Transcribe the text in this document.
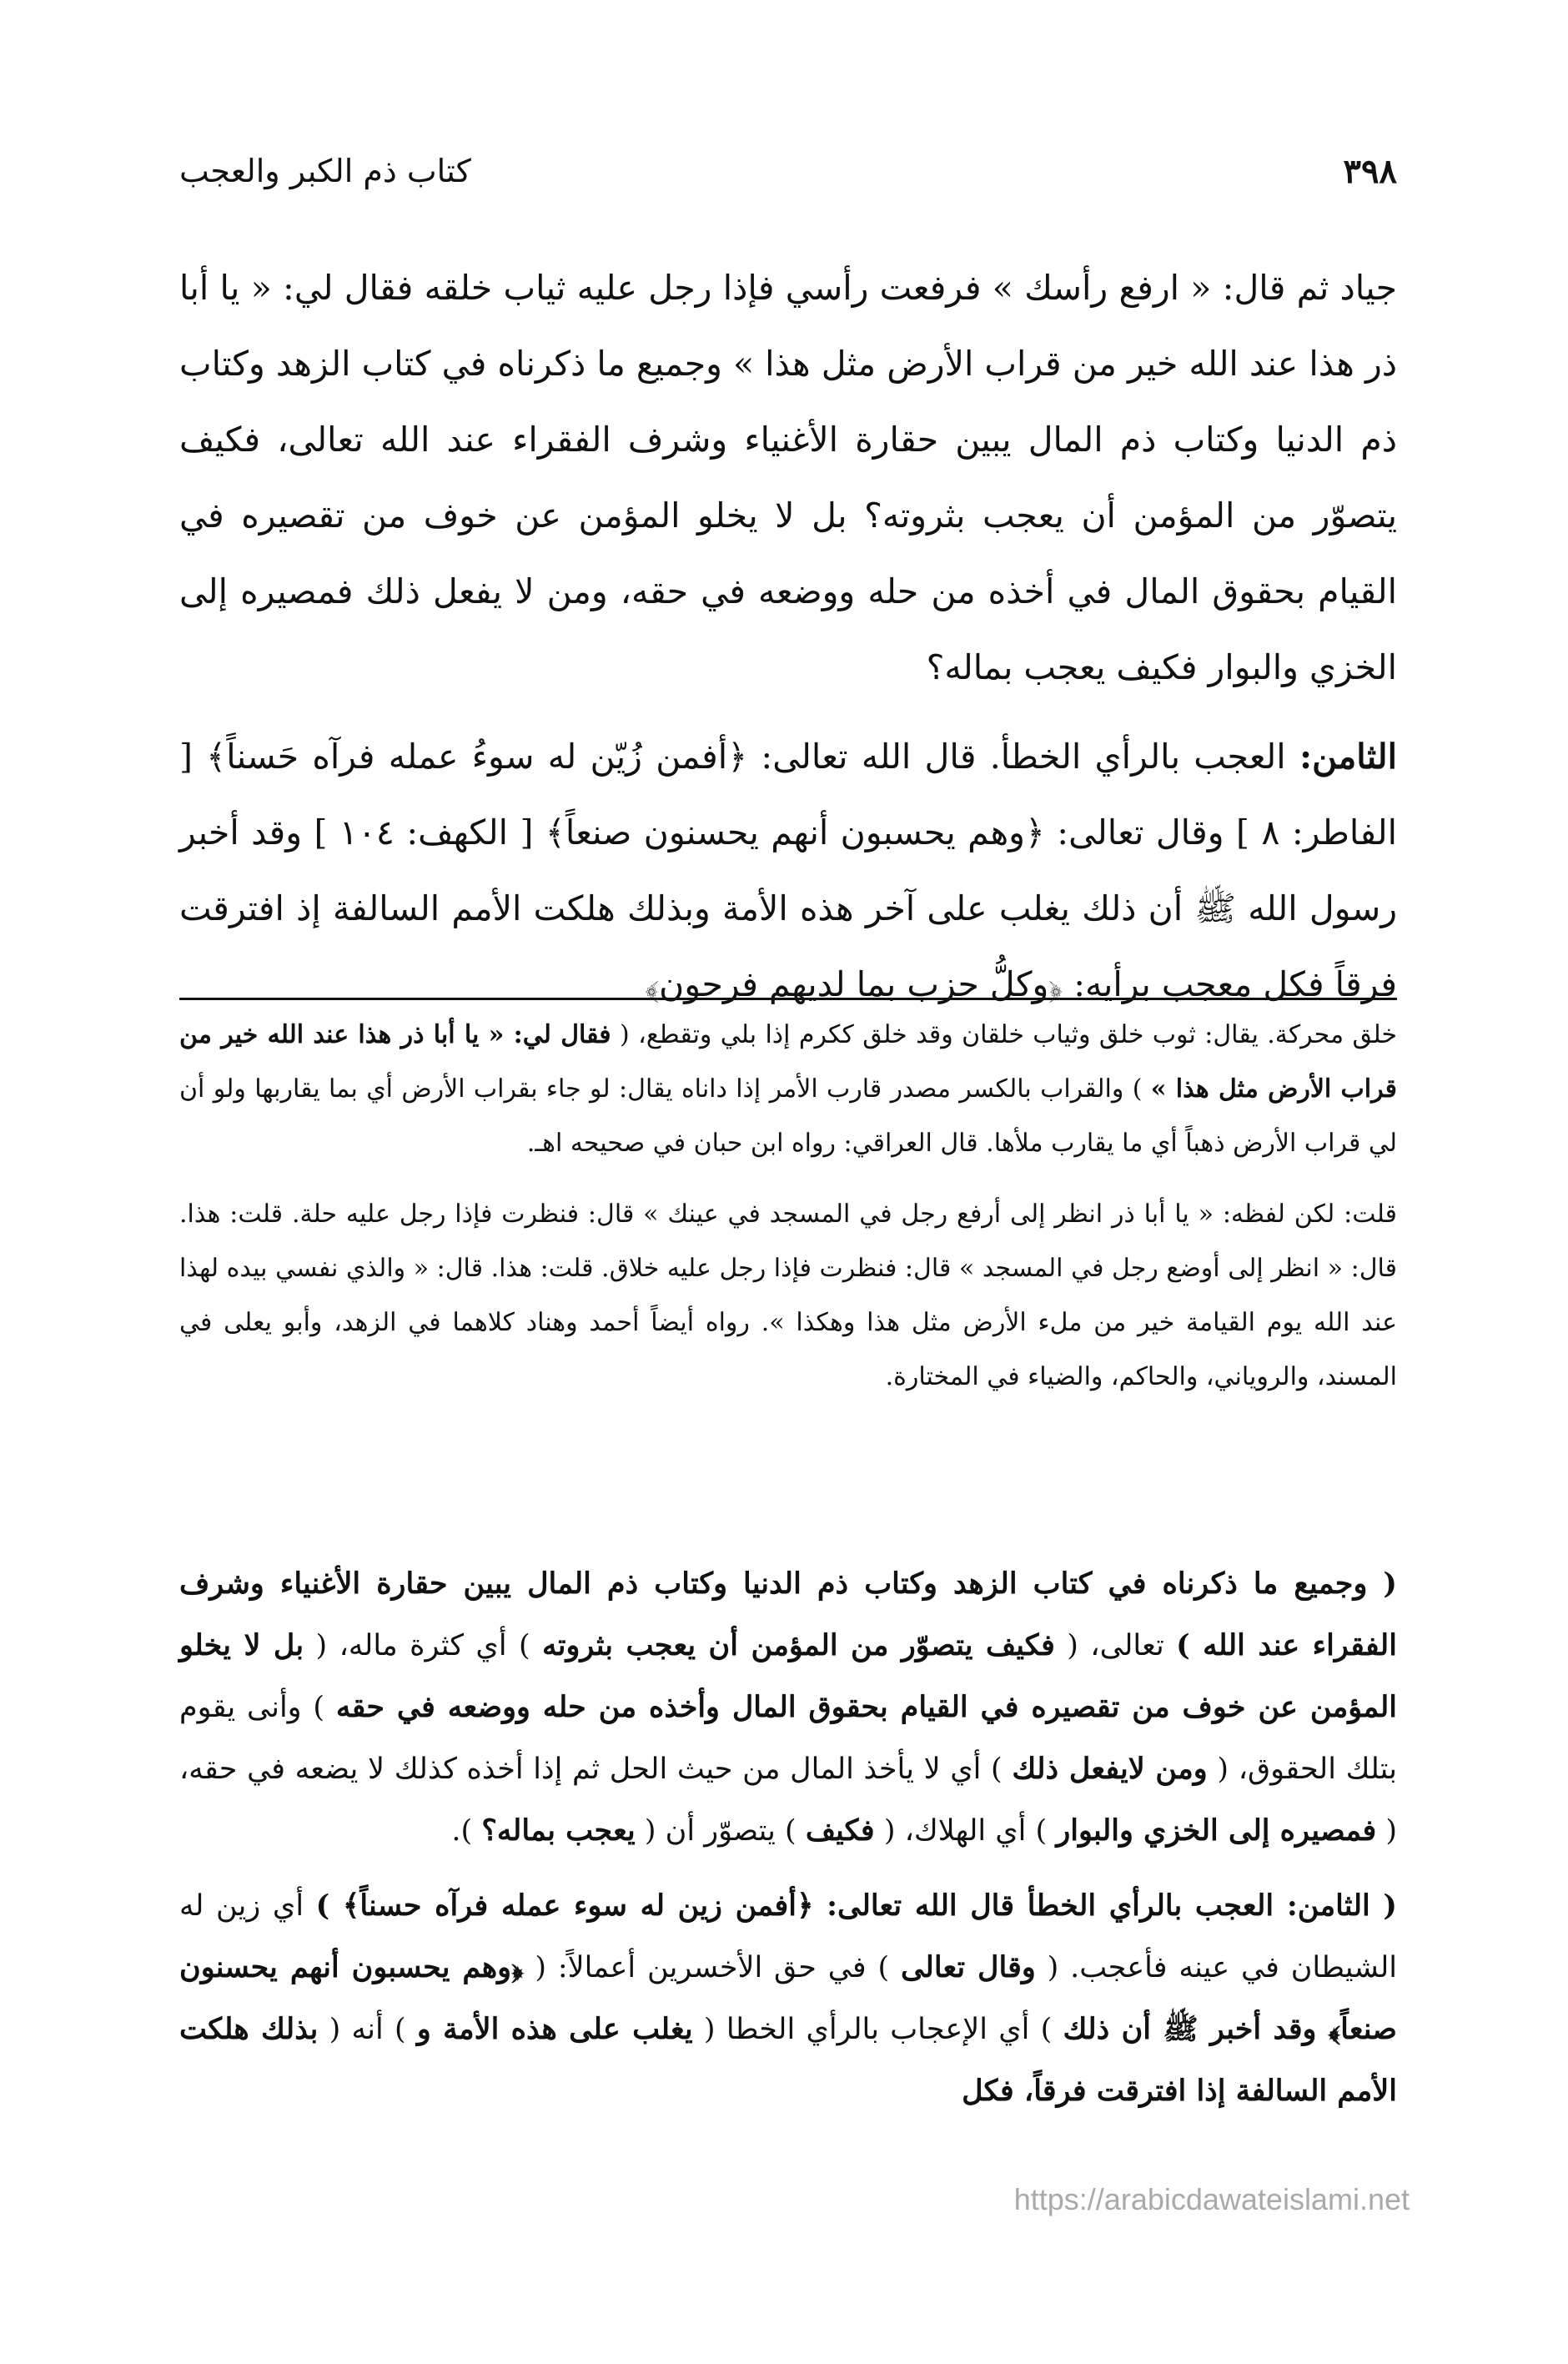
٣٩٨
كتاب ذم الكبر والعجب

جياد ثم قال: « ارفع رأسك » فرفعت رأسي فإذا رجل عليه ثياب خلقه فقال لي: « يا أبا ذر هذا عند الله خير من قراب الأرض مثل هذا » وجميع ما ذكرناه في كتاب الزهد وكتاب ذم الدنيا وكتاب ذم المال يبين حقارة الأغنياء وشرف الفقراء عند الله تعالى، فكيف يتصوّر من المؤمن أن يعجب بثروته؟ بل لا يخلو المؤمن عن خوف من تقصيره في القيام بحقوق المال في أخذه من حله ووضعه في حقه، ومن لا يفعل ذلك فمصيره إلى الخزي والبوار فكيف يعجب بماله؟

الثامن: العجب بالرأي الخطأ. قال الله تعالى: ﴿أفمن زُيّن له سوءُ عمله فرآه حَسناً﴾ [ الفاطر: ٨ ] وقال تعالى: ﴿وهم يحسبون أنهم يحسنون صنعاً﴾ [ الكهف: ١٠٤ ] وقد أخبر رسول الله ﷺ أن ذلك يغلب على آخر هذه الأمة وبذلك هلكت الأمم السالفة إذ افترقت فرقاً فكل معجب برأيه: ﴿وكلُّ حزب بما لديهم فرحون﴾

خلق محركة. يقال: ثوب خلق وثياب خلقان وقد خلق ككرم إذا بلي وتقطع، ( فقال لي: « يا أبا ذر هذا عند الله خير من قراب الأرض مثل هذا » ) والقراب بالكسر مصدر قارب الأمر إذا داناه يقال: لو جاء بقراب الأرض أي بما يقاربها ولو أن لي قراب الأرض ذهباً أي ما يقارب ملأها. قال العراقي: رواه ابن حبان في صحيحه اهـ.

قلت: لكن لفظه: « يا أبا ذر انظر إلى أرفع رجل في المسجد في عينك » قال: فنظرت فإذا رجل عليه حلة. قلت: هذا. قال: « انظر إلى أوضع رجل في المسجد » قال: فنظرت فإذا رجل عليه خلاق. قلت: هذا. قال: « والذي نفسي بيده لهذا عند الله يوم القيامة خير من ملء الأرض مثل هذا وهكذا ». رواه أيضاً أحمد وهناد كلاهما في الزهد، وأبو يعلى في المسند، والروياني، والحاكم، والضياء في المختارة.

( وجميع ما ذكرناه في كتاب الزهد وكتاب ذم الدنيا وكتاب ذم المال يبين حقارة الأغنياء وشرف الفقراء عند الله ) تعالى، ( فكيف يتصوّر من المؤمن أن يعجب بثروته ) أي كثرة ماله، ( بل لا يخلو المؤمن عن خوف من تقصيره في القيام بحقوق المال وأخذه من حله ووضعه في حقه ) وأنى يقوم بتلك الحقوق، ( ومن لايفعل ذلك ) أي لا يأخذ المال من حيث الحل ثم إذا أخذه كذلك لا يضعه في حقه، ( فمصيره إلى الخزي والبوار ) أي الهلاك، ( فكيف ) يتصوّر أن ( يعجب بماله؟ ).

( الثامن: العجب بالرأي الخطأ قال الله تعالى: ﴿أفمن زين له سوء عمله فرآه حسناً﴾ ) أي زين له الشيطان في عينه فأعجب. ( وقال تعالى ) في حق الأخسرين أعمالاً: ( ﴿وهم يحسبون أنهم يحسنون صنعاً﴾ وقد أخبر ﷺ أن ذلك ) أي الإعجاب بالرأي الخطا ( يغلب على هذه الأمة و ) أنه ( بذلك هلكت الأمم السالفة إذا افترقت فرقاً، فكل

https://arabicdawateislami.net
